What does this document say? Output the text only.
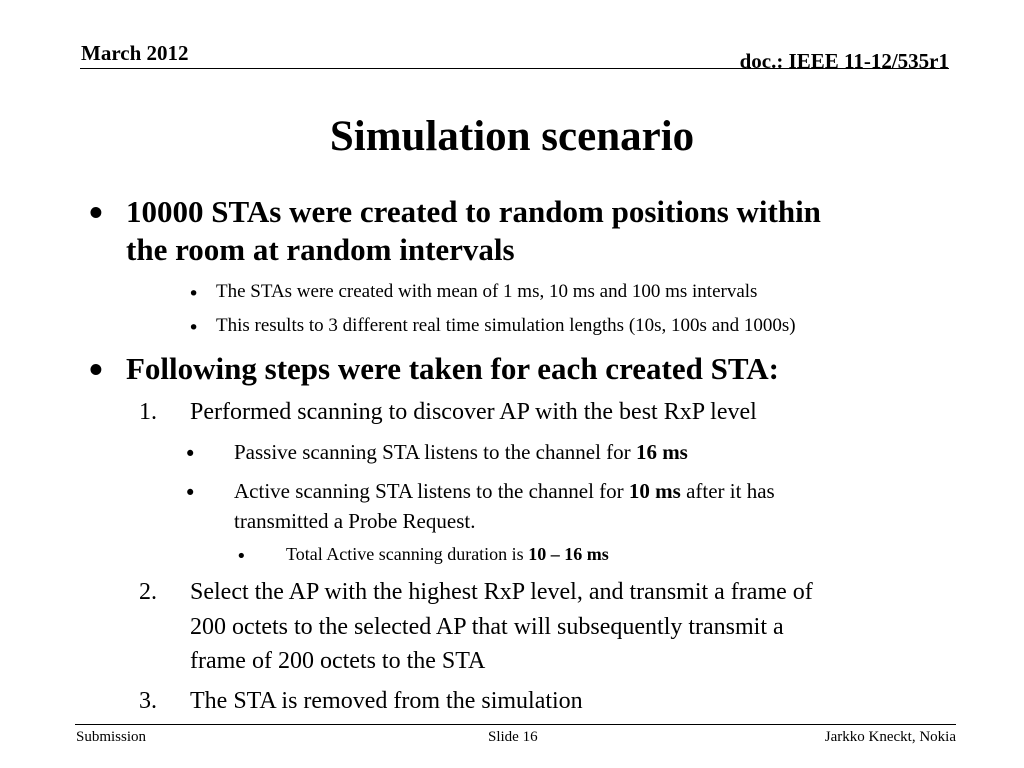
March 2012	doc.: IEEE 11-12/535r1
Simulation scenario
• 10000 STAs were created to random positions within
the room at random intervals
• The STAs were created with mean of 1 ms, 10 ms and 100 ms intervals
• This results to 3 different real time simulation lengths (10s, 100s and 1000s)
• Following steps were taken for each created STA:
1. Performed scanning to discover AP with the best RxP level
• Passive scanning STA listens to the channel for 16 ms
• Active scanning STA listens to the channel for 10 ms after it has
transmitted a Probe Request.
• Total Active scanning duration is 10 – 16 ms
2. Select the AP with the highest RxP level, and transmit a frame of
200 octets to the selected AP that will subsequently transmit a
frame of 200 octets to the STA
3. The STA is removed from the simulation
Submission	Slide 16	Jarkko Kneckt, Nokia
